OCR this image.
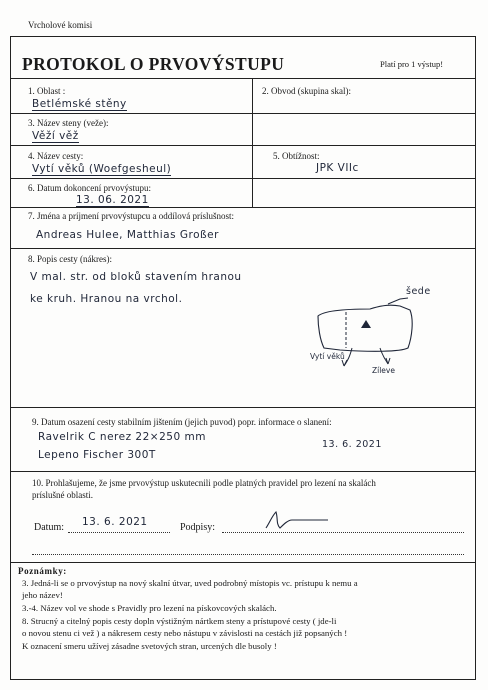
Vrcholové komisi
PROTOKOL O PRVOVÝSTUPU	Platí pro 1 výstup!
1. Oblast :	2. Obvod (skupina skal):
Betlémské stěny
3. Název steny (veže):
Věží věž
4. Název cesty:	5. Obtížnost:
Vytí věků (Woefgesheul)	JPK VIIc
6. Datum dokoncení prvovýstupu:
13. 06. 2021
7. Jména a príjmení prvovýstupcu a oddílová príslušnost:
Andreas Hulee, Matthias Großer
8. Popis cesty (nákres):
V mal. str. od bloků stavením hranou
ke kruh. Hranou na vrchol.
šede
Vytí věků
Zíleve
9. Datum osazení cesty stabilním jištením (jejich puvod) popr. informace o slanení:
Ravelrik C nerez 22×250 mm
Lepeno Fischer 300T
13. 6. 2021
10. Prohlašujeme, že jsme prvovýstup uskutecnili podle platných pravidel pro lezení na skalách
príslušné oblasti.
Datum: 13. 6. 2021	Podpisy:
Poznámky:
3. Jedná-li se o prvovýstup na nový skalní útvar, uved podrobný místopis vc. prístupu k nemu a
jeho název!
3.-4. Název vol ve shode s Pravidly pro lezení na pískovcových skalách.
8. Strucný a citelný popis cesty dopln výstižným nártkem steny a prístupové cesty ( jde-li
o novou stenu ci vež ) a nákresem cesty nebo nástupu v závislosti na cestách již popsaných !
K oznacení smeru užívej zásadne svetových stran, urcených dle busoly !
